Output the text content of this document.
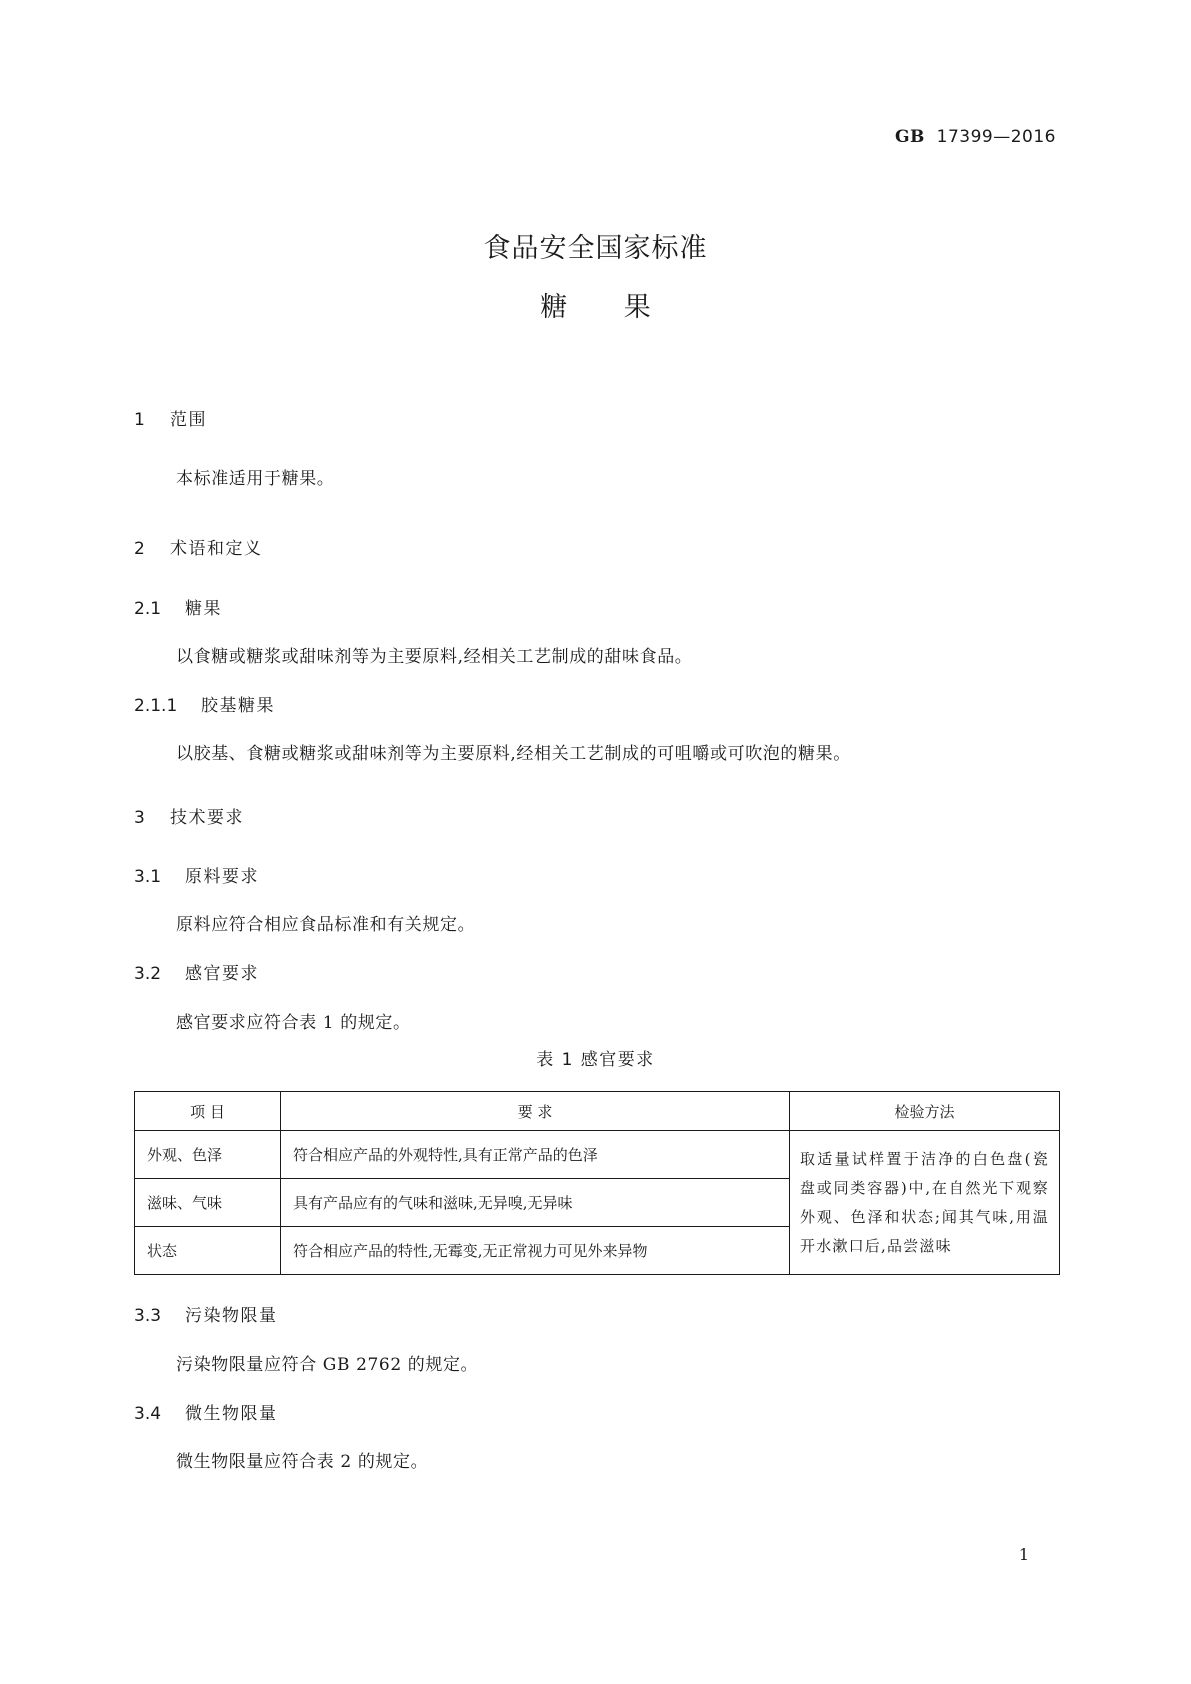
GB 17399—2016
食品安全国家标准
糖 果
1 范围
本标准适用于糖果。
2 术语和定义
2.1 糖果
以食糖或糖浆或甜味剂等为主要原料,经相关工艺制成的甜味食品。
2.1.1 胶基糖果
以胶基、食糖或糖浆或甜味剂等为主要原料,经相关工艺制成的可咀嚼或可吹泡的糖果。
3 技术要求
3.1 原料要求
原料应符合相应食品标准和有关规定。
3.2 感官要求
感官要求应符合表 1 的规定。
表 1 感官要求
项 目	要 求	检验方法
外观、色泽	符合相应产品的外观特性,具有正常产品的色泽	取适量试样置于洁净的白色盘(瓷盘或同类容器)中,在自然光下观察外观、色泽和状态;闻其气味,用温开水漱口后,品尝滋味
滋味、气味	具有产品应有的气味和滋味,无异嗅,无异味	
状态	符合相应产品的特性,无霉变,无正常视力可见外来异物	
3.3 污染物限量
污染物限量应符合 GB 2762 的规定。
3.4 微生物限量
微生物限量应符合表 2 的规定。
1
